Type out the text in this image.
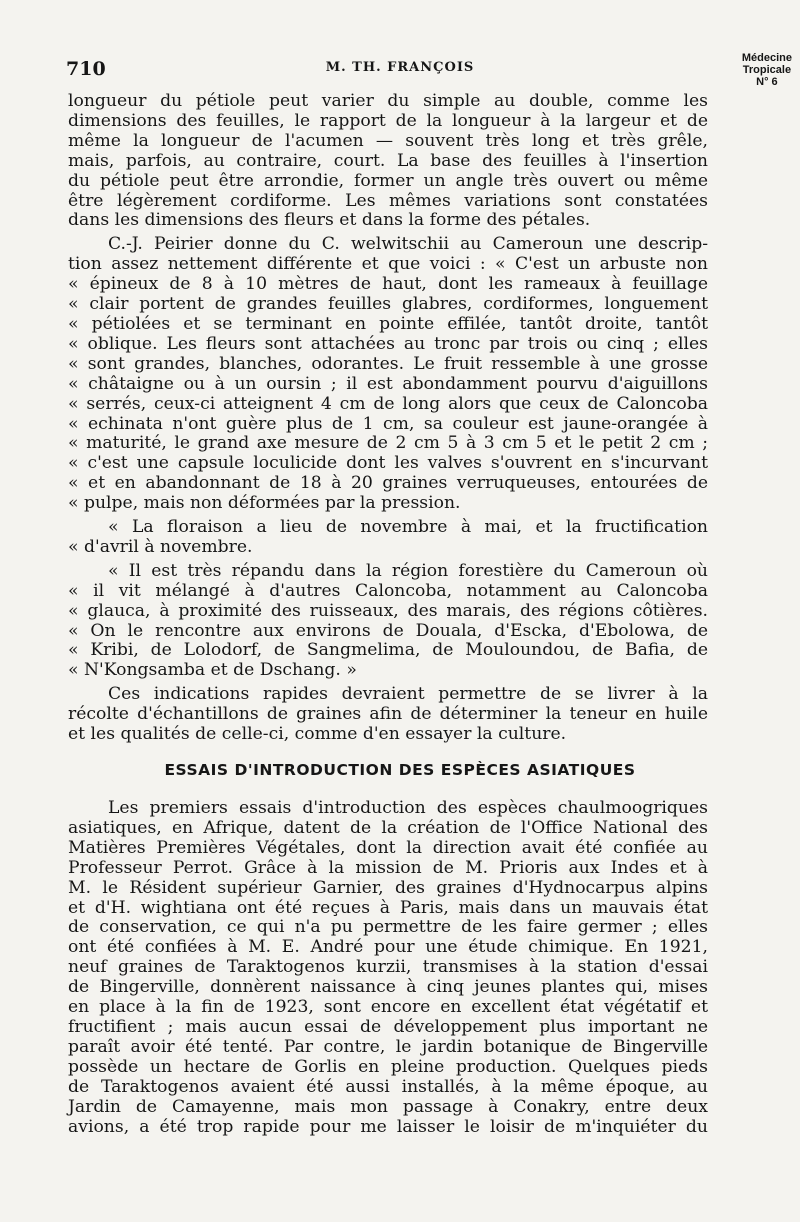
710	M. TH. FRANÇOIS
Médecine
Tropicale
N° 6
longueur du pétiole peut varier du simple au double, comme les
dimensions des feuilles, le rapport de la longueur à la largeur et de
même la longueur de l'acumen — souvent très long et très grêle,
mais, parfois, au contraire, court. La base des feuilles à l'insertion
du pétiole peut être arrondie, former un angle très ouvert ou même
être légèrement cordiforme. Les mêmes variations sont constatées
dans les dimensions des fleurs et dans la forme des pétales.
C.-J. Peirier donne du C. welwitschii au Cameroun une descrip-
tion assez nettement différente et que voici : « C'est un arbuste non
« épineux de 8 à 10 mètres de haut, dont les rameaux à feuillage
« clair portent de grandes feuilles glabres, cordiformes, longuement
« pétiolées et se terminant en pointe effilée, tantôt droite, tantôt
« oblique. Les fleurs sont attachées au tronc par trois ou cinq ; elles
« sont grandes, blanches, odorantes. Le fruit ressemble à une grosse
« châtaigne ou à un oursin ; il est abondamment pourvu d'aiguillons
« serrés, ceux-ci atteignent 4 cm de long alors que ceux de Caloncoba
« echinata n'ont guère plus de 1 cm, sa couleur est jaune-orangée à
« maturité, le grand axe mesure de 2 cm 5 à 3 cm 5 et le petit 2 cm ;
« c'est une capsule loculicide dont les valves s'ouvrent en s'incurvant
« et en abandonnant de 18 à 20 graines verruqueuses, entourées de
« pulpe, mais non déformées par la pression.
« La floraison a lieu de novembre à mai, et la fructification
« d'avril à novembre.
« Il est très répandu dans la région forestière du Cameroun où
« il vit mélangé à d'autres Caloncoba, notamment au Caloncoba
« glauca, à proximité des ruisseaux, des marais, des régions côtières.
« On le rencontre aux environs de Douala, d'Escka, d'Ebolowa, de
« Kribi, de Lolodorf, de Sangmelima, de Mouloundou, de Bafia, de
« N'Kongsamba et de Dschang. »
Ces indications rapides devraient permettre de se livrer à la
récolte d'échantillons de graines afin de déterminer la teneur en huile
et les qualités de celle-ci, comme d'en essayer la culture.
ESSAIS D'INTRODUCTION DES ESPÈCES ASIATIQUES
Les premiers essais d'introduction des espèces chaulmoogriques
asiatiques, en Afrique, datent de la création de l'Office National des
Matières Premières Végétales, dont la direction avait été confiée au
Professeur Perrot. Grâce à la mission de M. Prioris aux Indes et à
M. le Résident supérieur Garnier, des graines d'Hydnocarpus alpins
et d'H. wightiana ont été reçues à Paris, mais dans un mauvais état
de conservation, ce qui n'a pu permettre de les faire germer ; elles
ont été confiées à M. E. André pour une étude chimique. En 1921,
neuf graines de Taraktogenos kurzii, transmises à la station d'essai
de Bingerville, donnèrent naissance à cinq jeunes plantes qui, mises
en place à la fin de 1923, sont encore en excellent état végétatif et
fructifient ; mais aucun essai de développement plus important ne
paraît avoir été tenté. Par contre, le jardin botanique de Bingerville
possède un hectare de Gorlis en pleine production. Quelques pieds
de Taraktogenos avaient été aussi installés, à la même époque, au
Jardin de Camayenne, mais mon passage à Conakry, entre deux
avions, a été trop rapide pour me laisser le loisir de m'inquiéter du
